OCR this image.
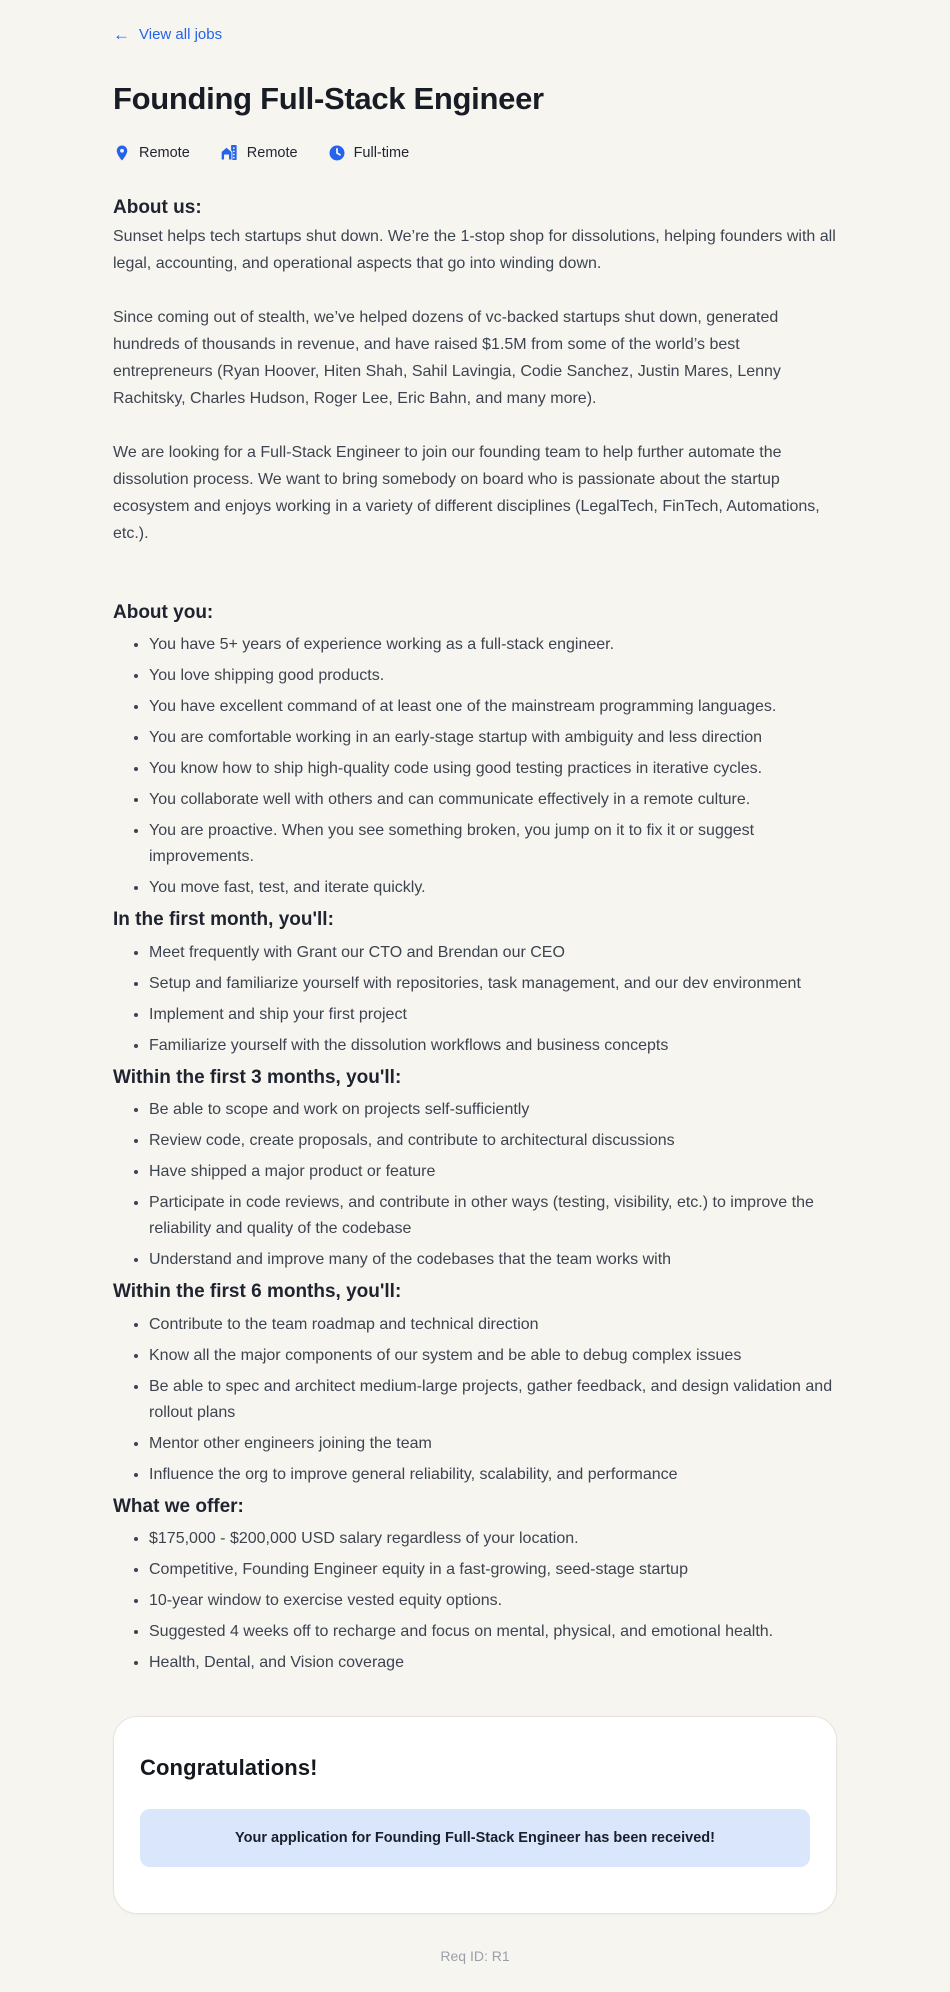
← View all jobs
Founding Full-Stack Engineer
Remote	Remote	Full-time
About us:

Sunset helps tech startups shut down. We’re the 1-stop shop for dissolutions, helping founders with all legal, accounting, and operational aspects that go into winding down.

Since coming out of stealth, we’ve helped dozens of vc-backed startups shut down, generated hundreds of thousands in revenue, and have raised $1.5M from some of the world’s best entrepreneurs (Ryan Hoover, Hiten Shah, Sahil Lavingia, Codie Sanchez, Justin Mares, Lenny Rachitsky, Charles Hudson, Roger Lee, Eric Bahn, and many more).

We are looking for a Full-Stack Engineer to join our founding team to help further automate the dissolution process. We want to bring somebody on board who is passionate about the startup ecosystem and enjoys working in a variety of different disciplines (LegalTech, FinTech, Automations, etc.).

About you:
• You have 5+ years of experience working as a full-stack engineer.
• You love shipping good products.
• You have excellent command of at least one of the mainstream programming languages.
• You are comfortable working in an early-stage startup with ambiguity and less direction
• You know how to ship high-quality code using good testing practices in iterative cycles.
• You collaborate well with others and can communicate effectively in a remote culture.
• You are proactive. When you see something broken, you jump on it to fix it or suggest improvements.
• You move fast, test, and iterate quickly.
In the first month, you'll:
• Meet frequently with Grant our CTO and Brendan our CEO
• Setup and familiarize yourself with repositories, task management, and our dev environment
• Implement and ship your first project
• Familiarize yourself with the dissolution workflows and business concepts
Within the first 3 months, you'll:
• Be able to scope and work on projects self-sufficiently
• Review code, create proposals, and contribute to architectural discussions
• Have shipped a major product or feature
• Participate in code reviews, and contribute in other ways (testing, visibility, etc.) to improve the reliability and quality of the codebase
• Understand and improve many of the codebases that the team works with
Within the first 6 months, you'll:
• Contribute to the team roadmap and technical direction
• Know all the major components of our system and be able to debug complex issues
• Be able to spec and architect medium-large projects, gather feedback, and design validation and rollout plans
• Mentor other engineers joining the team
• Influence the org to improve general reliability, scalability, and performance
What we offer:
• $175,000 - $200,000 USD salary regardless of your location.
• Competitive, Founding Engineer equity in a fast-growing, seed-stage startup
• 10-year window to exercise vested equity options.
• Suggested 4 weeks off to recharge and focus on mental, physical, and emotional health.
• Health, Dental, and Vision coverage
Congratulations!
Your application for Founding Full-Stack Engineer has been received!
Req ID: R1
